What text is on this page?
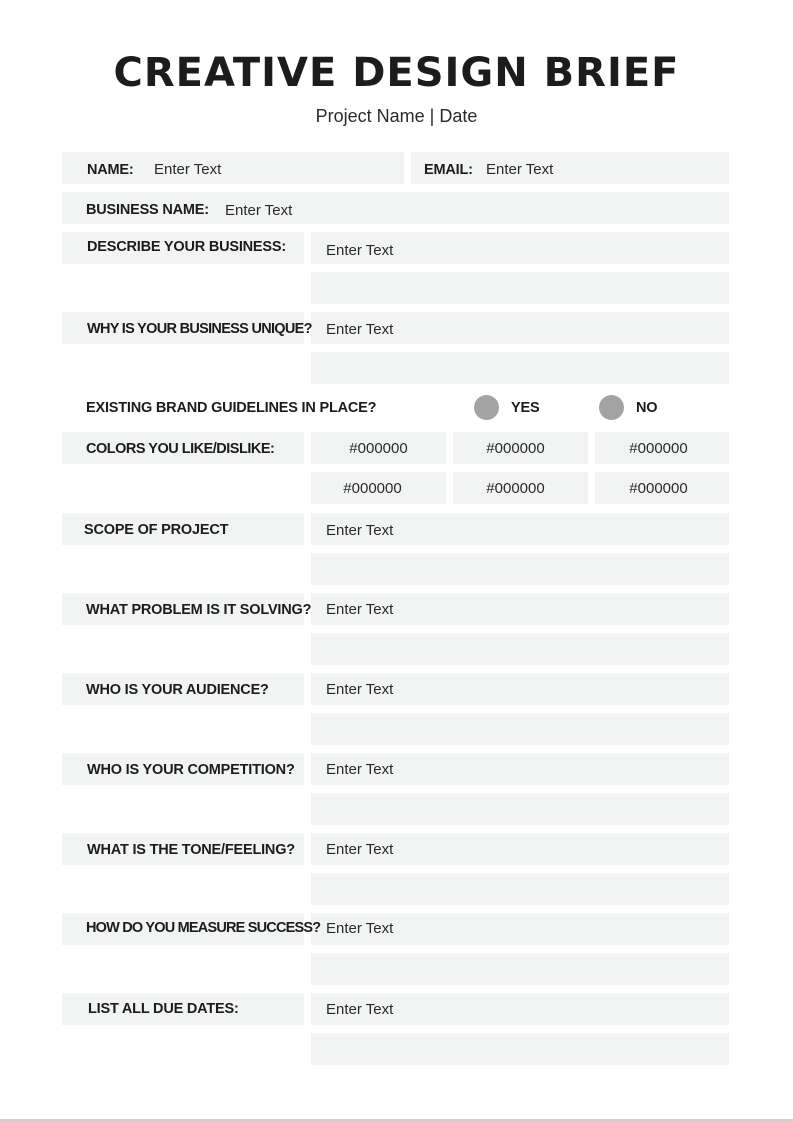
CREATIVE DESIGN BRIEF
Project Name | Date
NAME: Enter Text	EMAIL: Enter Text
BUSINESS NAME: Enter Text
DESCRIBE YOUR BUSINESS:	Enter Text
WHY IS YOUR BUSINESS UNIQUE? Enter Text
EXISTING BRAND GUIDELINES IN PLACE?	YES	NO
COLORS YOU LIKE/DISLIKE:	#000000	#000000	#000000
#000000	#000000	#000000
SCOPE OF PROJECT	Enter Text
WHAT PROBLEM IS IT SOLVING? Enter Text
WHO IS YOUR AUDIENCE?	Enter Text
WHO IS YOUR COMPETITION? Enter Text
WHAT IS THE TONE/FEELING? Enter Text
HOW DO YOU MEASURE SUCCESS? Enter Text
LIST ALL DUE DATES:	Enter Text
